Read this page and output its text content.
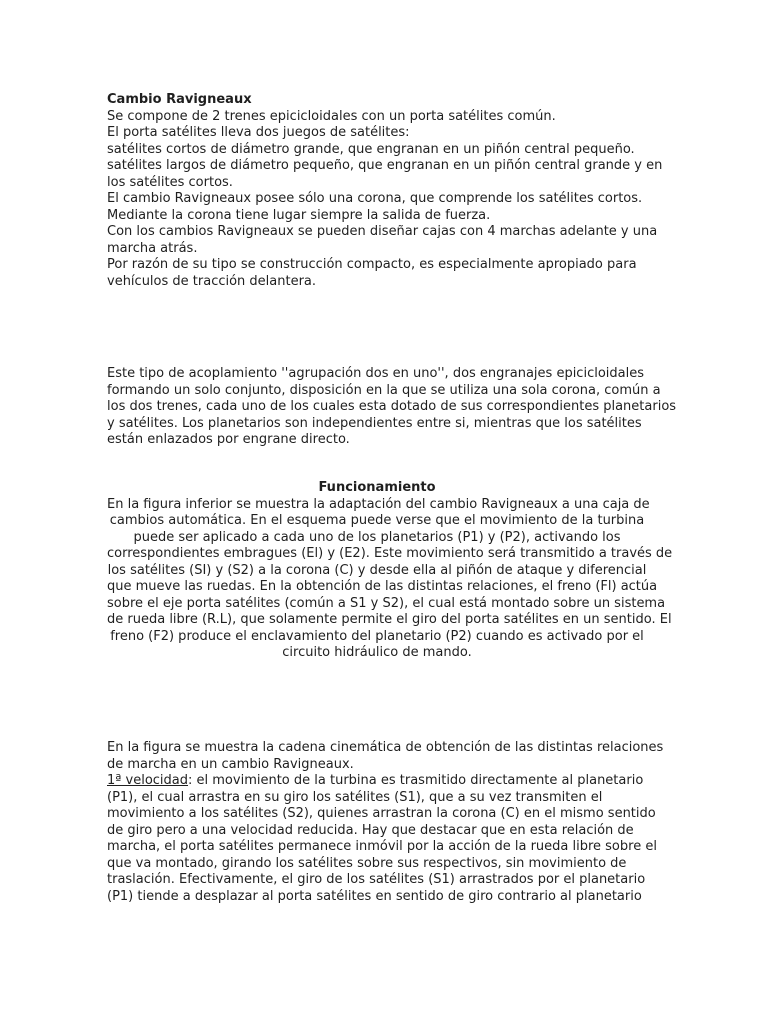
Cambio Ravigneaux
Se compone de 2 trenes epicicloidales con un porta satélites común.
El porta satélites lleva dos juegos de satélites:
satélites cortos de diámetro grande, que engranan en un piñón central pequeño.
satélites largos de diámetro pequeño, que engranan en un piñón central grande y en
los satélites cortos.
El cambio Ravigneaux posee sólo una corona, que comprende los satélites cortos.
Mediante la corona tiene lugar siempre la salida de fuerza.
Con los cambios Ravigneaux se pueden diseñar cajas con 4 marchas adelante y una
marcha atrás.
Por razón de su tipo se construcción compacto, es especialmente apropiado para
vehículos de tracción delantera.
Este tipo de acoplamiento ''agrupación dos en uno'', dos engranajes epicicloidales
formando un solo conjunto, disposición en la que se utiliza una sola corona, común a
los dos trenes, cada uno de los cuales esta dotado de sus correspondientes planetarios
y satélites. Los planetarios son independientes entre si, mientras que los satélites
están enlazados por engrane directo.
Funcionamiento
En la figura inferior se muestra la adaptación del cambio Ravigneaux a una caja de
cambios automática. En el esquema puede verse que el movimiento de la turbina
puede ser aplicado a cada uno de los planetarios (P1) y (P2), activando los
correspondientes embragues (El) y (E2). Este movimiento será transmitido a través de
los satélites (SI) y (S2) a la corona (C) y desde ella al piñón de ataque y diferencial
que mueve las ruedas. En la obtención de las distintas relaciones, el freno (Fl) actúa
sobre el eje porta satélites (común a S1 y S2), el cual está montado sobre un sistema
de rueda libre (R.L), que solamente permite el giro del porta satélites en un sentido. El
freno (F2) produce el enclavamiento del planetario (P2) cuando es activado por el
circuito hidráulico de mando.
En la figura se muestra la cadena cinemática de obtención de las distintas relaciones
de marcha en un cambio Ravigneaux.
1ª velocidad: el movimiento de la turbina es trasmitido directamente al planetario
(P1), el cual arrastra en su giro los satélites (S1), que a su vez transmiten el
movimiento a los satélites (S2), quienes arrastran la corona (C) en el mismo sentido
de giro pero a una velocidad reducida. Hay que destacar que en esta relación de
marcha, el porta satélites permanece inmóvil por la acción de la rueda libre sobre el
que va montado, girando los satélites sobre sus respectivos, sin movimiento de
traslación. Efectivamente, el giro de los satélites (S1) arrastrados por el planetario
(P1) tiende a desplazar al porta satélites en sentido de giro contrario al planetario
